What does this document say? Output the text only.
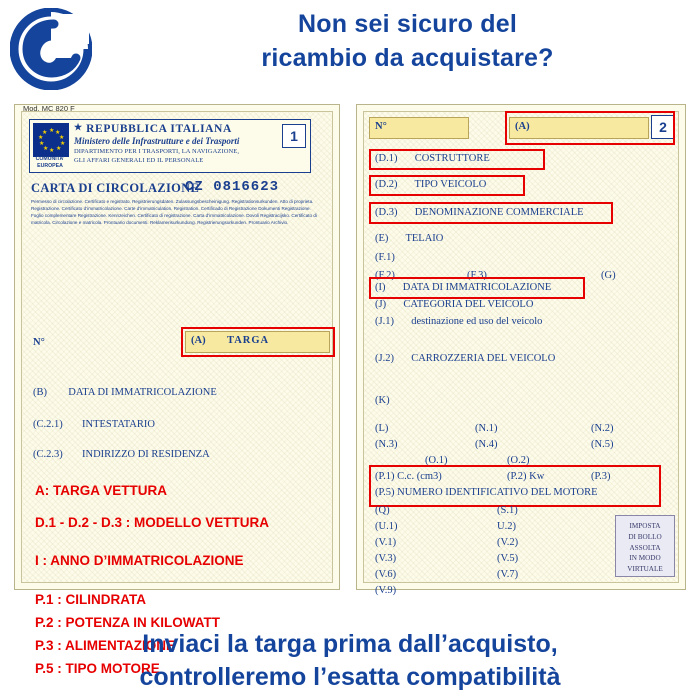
Non sei sicuro del
ricambio da acquistare?
Mod. MC 820 F
★ ★
★
★
★
★
★
★
★
★
COMUNITA’
EUROPEA
★ REPUBBLICA ITALIANA
Ministero delle Infrastrutture e dei Trasporti
DIPARTIMENTO PER I TRASPORTI, LA NAVIGAZIONE,
GLI AFFARI GENERALI ED IL PERSONALE
1
CARTA DI CIRCOLAZIONE
CZ 0816623
Permesso di circolazione. Certificato e registrato. Registrierungsdaten. Zulassungsbescheinigung. Registrationsurkunden. Atto di proprieta. Registrazione. Certificato d’immatricolazione. Carte d’immatriculation. Registration. Certificado di Registrazione Dokumenti Registrazione. Foglio complementare Registrazione. Kennzeichen. Certificato di registrazione. Carta d’immatricolazione. Dovoli Registracijsko. Certificato di matricola. Circolazione e matricola. Prontuario documenti. Reklamerisurkundung. Registrierungsurkunden. Prontuario Archivio.
N°	(A) TARGA
(B) DATA DI IMMATRICOLAZIONE
(C.2.1) INTESTATARIO
(C.2.3) INDIRIZZO DI RESIDENZA
A: TARGA VETTURA
D.1 - D.2 - D.3 : MODELLO VETTURA
I : ANNO D’IMMATRICOLAZIONE
P.1 : CILINDRATA
P.2 : POTENZA IN KILOWATT
P.3 : ALIMENTAZIONE
P.5 : TIPO MOTORE
N°	(A)	2
(D.1) COSTRUTTORE
(D.2) TIPO VEICOLO
(D.3) DENOMINAZIONE COMMERCIALE
(E) TELAIO
(F.1)
(F.2)	(F.3)	(G)
(I) DATA DI IMMATRICOLAZIONE
(J) CATEGORIA DEL VEICOLO
(J.1) destinazione ed uso del veicolo
(J.2) CARROZZERIA DEL VEICOLO
(K)
(L)	(N.1)	(N.2)
(N.3)	(N.4)	(N.5)
(O.1)	(O.2)
(P.1) C.c. (cm3)	(P.2) Kw	(P.3)
(P.5) NUMERO IDENTIFICATIVO DEL MOTORE
(Q)	(S.1)
(U.1)	U.2)
(V.1)	(V.2)
(V.3)	(V.5)
(V.6)	(V.7)
(V.9)
IMPOSTA
DI BOLLO
ASSOLTA
IN MODO
VIRTUALE
Inviaci la targa prima dall’acquisto,
controlleremo l’esatta compatibilità
